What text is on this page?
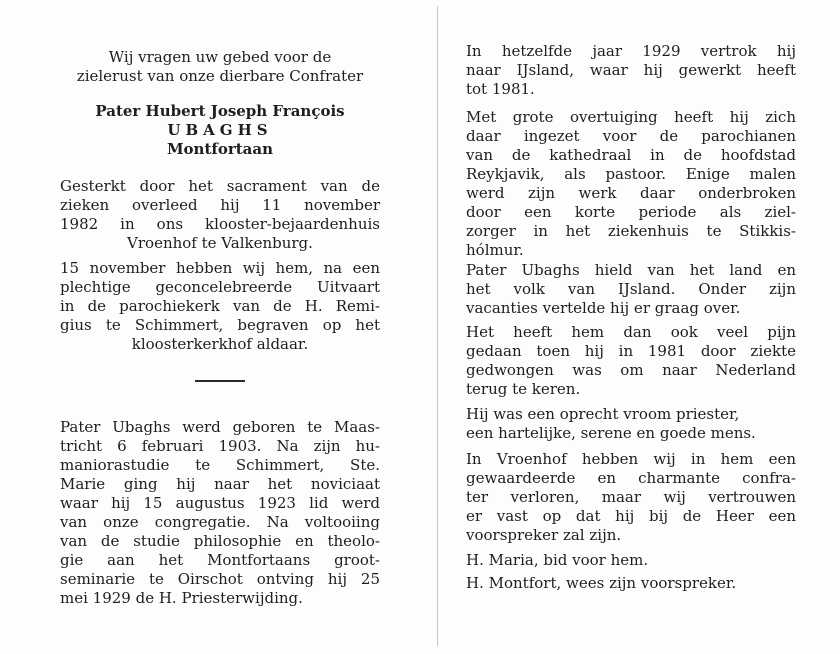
Wij vragen uw gebed voor de
zielerust van onze dierbare Confrater
Pater Hubert Joseph François
UBAGHS
Montfortaan
Gesterkt door het sacrament van de
zieken overleed hij 11 november
1982 in ons klooster-bejaardenhuis
Vroenhof te Valkenburg.
15 november hebben wij hem, na een
plechtige geconcelebreerde Uitvaart
in de parochiekerk van de H. Remi-
gius te Schimmert, begraven op het
kloosterkerkhof aldaar.
Pater Ubaghs werd geboren te Maas-
tricht 6 februari 1903. Na zijn hu-
maniorastudie te Schimmert, Ste.
Marie ging hij naar het noviciaat
waar hij 15 augustus 1923 lid werd
van onze congregatie. Na voltooiing
van de studie philosophie en theolo-
gie aan het Montfortaans groot-
seminarie te Oirschot ontving hij 25
mei 1929 de H. Priesterwijding.
In hetzelfde jaar 1929 vertrok hij
naar IJsland, waar hij gewerkt heeft
tot 1981.
Met grote overtuiging heeft hij zich
daar ingezet voor de parochianen
van de kathedraal in de hoofdstad
Reykjavik, als pastoor. Enige malen
werd zijn werk daar onderbroken
door een korte periode als ziel-
zorger in het ziekenhuis te Stikkis-
hólmur.
Pater Ubaghs hield van het land en
het volk van IJsland. Onder zijn
vacanties vertelde hij er graag over.
Het heeft hem dan ook veel pijn
gedaan toen hij in 1981 door ziekte
gedwongen was om naar Nederland
terug te keren.
Hij was een oprecht vroom priester,
een hartelijke, serene en goede mens.
In Vroenhof hebben wij in hem een
gewaardeerde en charmante confra-
ter verloren, maar wij vertrouwen
er vast op dat hij bij de Heer een
voorspreker zal zijn.
H. Maria, bid voor hem.
H. Montfort, wees zijn voorspreker.
